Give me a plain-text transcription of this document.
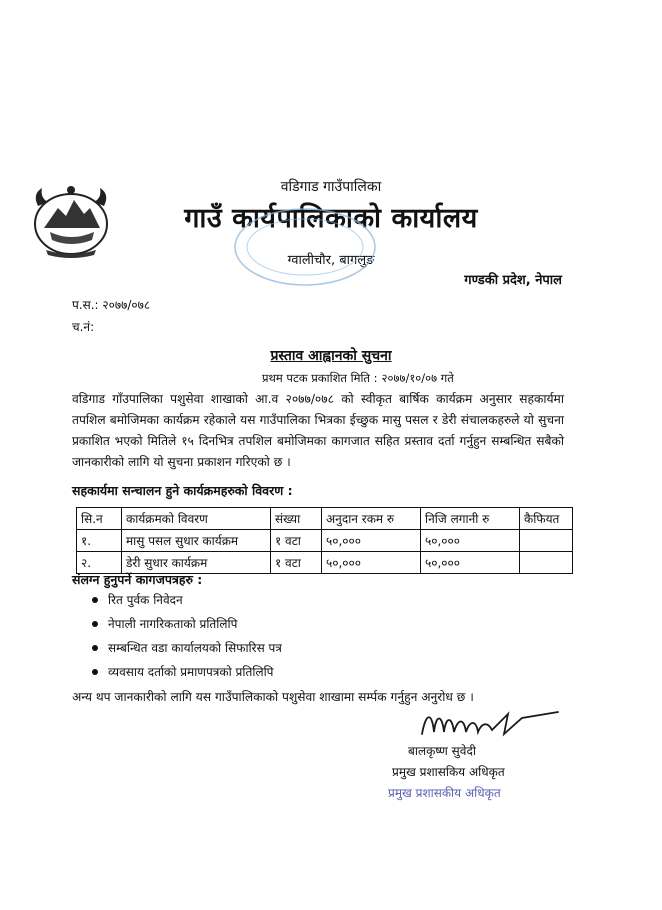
वडिगाड गाउँपालिका
गाउँ कार्यपालिकाको कार्यालय
ग्वालीचौर, बागलुङ
गण्डकी प्रदेश, नेपाल
प.स.: २०७७/०७८
च.नं:
प्रस्ताव आह्वानको सुचना
प्रथम पटक प्रकाशित मिति : २०७७/१०/०७ गते
वडिगाड गाँउपालिका पशुसेवा शाखाको आ.व २०७७/०७८ को स्वीकृत बार्षिक कार्यक्रम अनुसार सहकार्यमा तपशिल बमोजिमका कार्यक्रम रहेकाले यस गाउँपालिका भित्रका ईच्छुक मासु पसल र डेरी संचालकहरुले यो सुचना प्रकाशित भएको मितिले १५ दिनभित्र तपशिल बमोजिमका कागजात सहित प्रस्ताव दर्ता गर्नुहुन सम्बन्धित सबैको जानकारीको लागि यो सुचना प्रकाशन गरिएको छ ।
सहकार्यमा सन्चालन हुने कार्यक्रमहरुको विवरण :
सि.न	कार्यक्रमको विवरण	संख्या	अनुदान रकम रु	निजि लगानी रु	कैफियत
१.	मासु पसल सुधार कार्यक्रम	१ वटा	५०,०००	५०,०००	
२.	डेरी सुधार कार्यक्रम	१ वटा	५०,०००	५०,०००	
संलग्न हुनुपर्ने कागजपत्रहरु :
रित पुर्वक निवेदन
नेपाली नागरिकताको प्रतिलिपि
सम्बन्धित वडा कार्यालयको सिफारिस पत्र
व्यवसाय दर्ताको प्रमाणपत्रको प्रतिलिपि
अन्य थप जानकारीको लागि यस गाउँपालिकाको पशुसेवा शाखामा सर्म्पक गर्नुहुन अनुरोध छ ।
बालकृष्ण सुवेदी
प्रमुख प्रशासकिय अधिकृत
प्रमुख प्रशासकीय अधिकृत
